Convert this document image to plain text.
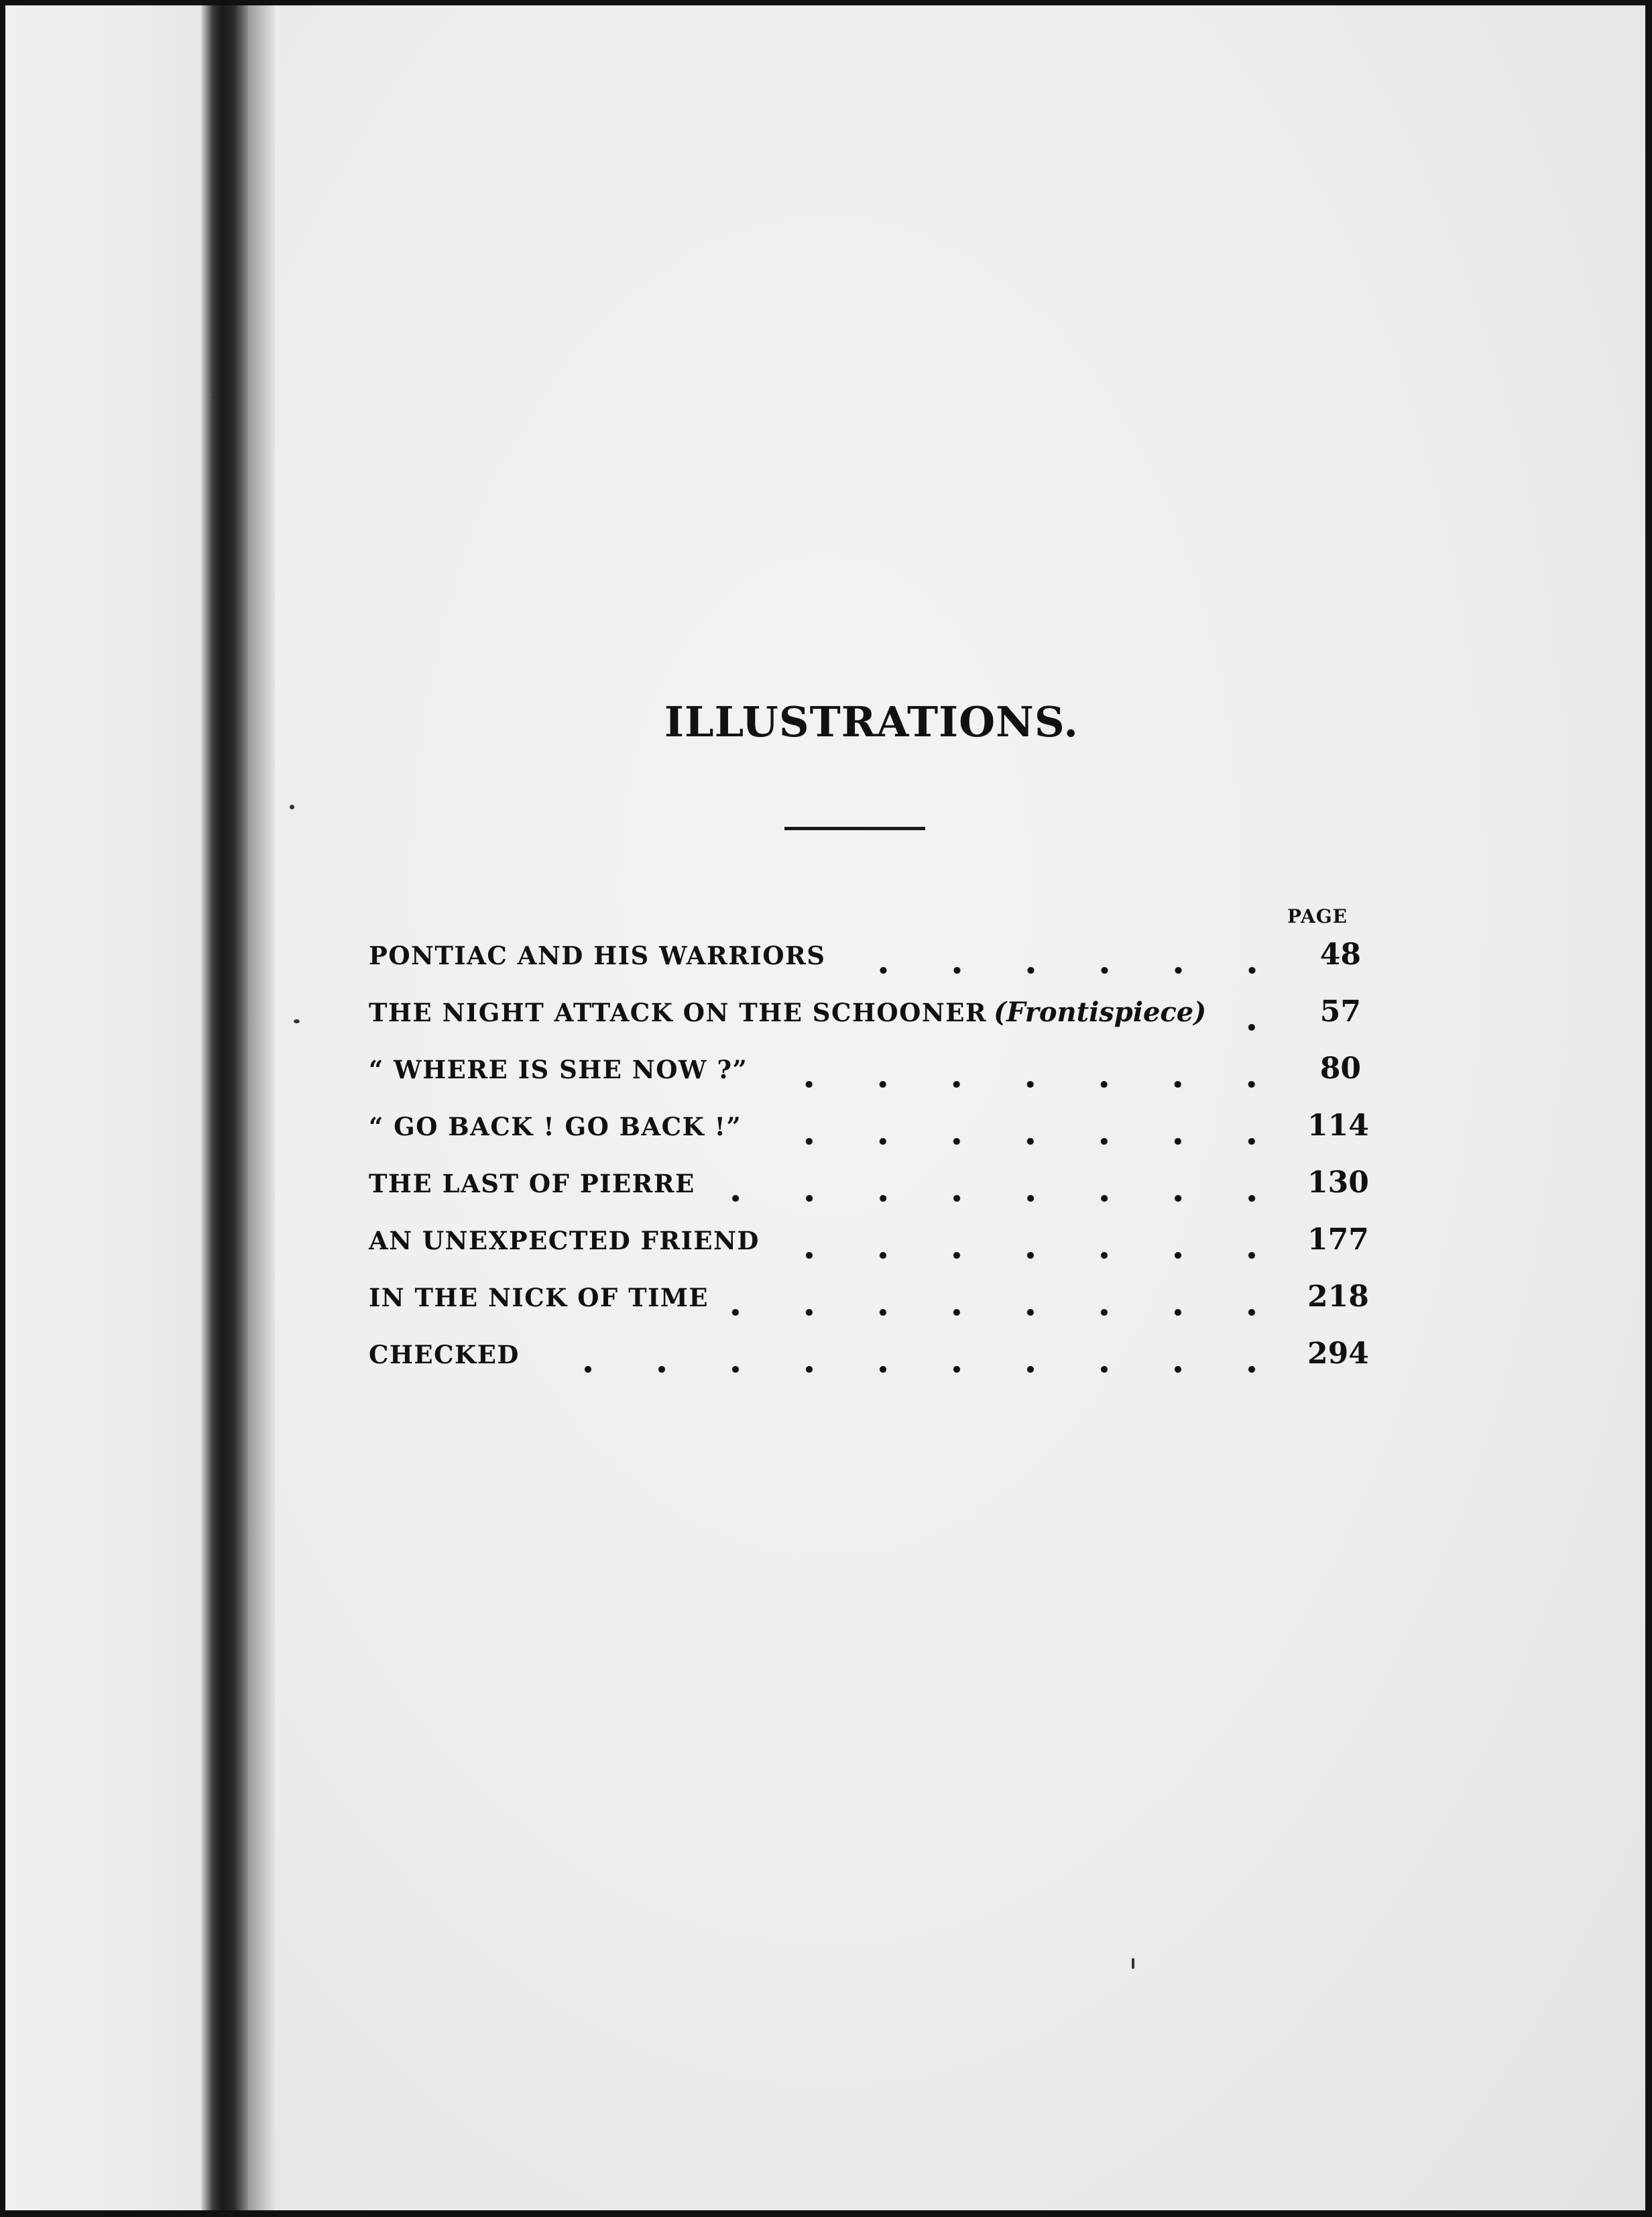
ILLUSTRATIONS.
PAGE
PONTIAC AND HIS WARRIORS	48
THE NIGHT ATTACK ON THE SCHOONER (Frontispiece)	57
“ WHERE IS SHE NOW ?”	80
“ GO BACK ! GO BACK !”	114
THE LAST OF PIERRE	130
AN UNEXPECTED FRIEND	177
IN THE NICK OF TIME	218
CHECKED	294
